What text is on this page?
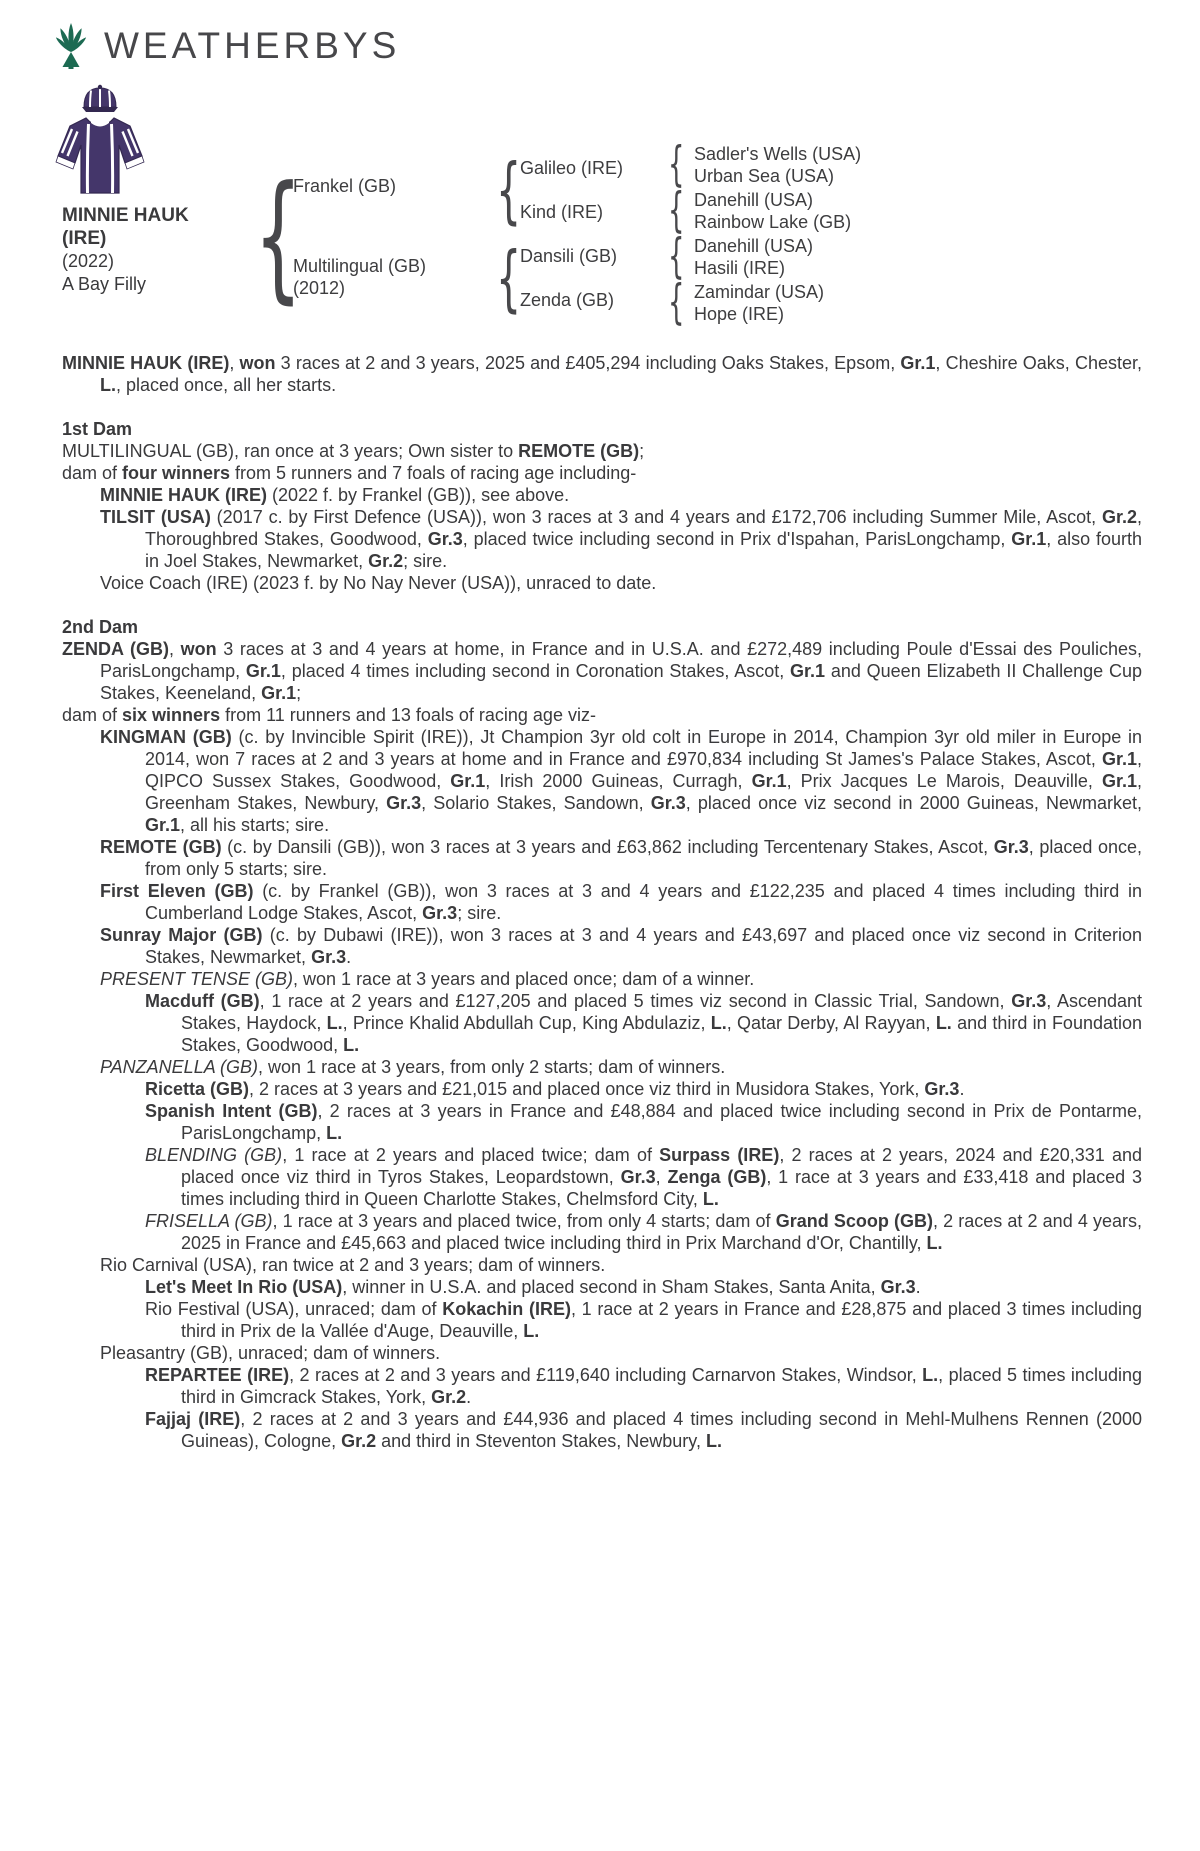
WEATHERBYS
MINNIE HAUK
(IRE)
(2022)
A Bay Filly {	{
{
{
{
{
{
Frankel (GB)
Multilingual (GB)
(2012)
Galileo (IRE)
Kind (IRE)
Dansili (GB)
Zenda (GB)
Sadler's Wells (USA)
Urban Sea (USA)
Danehill (USA)
Rainbow Lake (GB)
Danehill (USA)
Hasili (IRE)
Zamindar (USA)
Hope (IRE)

MINNIE HAUK (IRE), won 3 races at 2 and 3 years, 2025 and £405,294 including Oaks Stakes, Epsom, Gr.1, Cheshire Oaks, Chester, L., placed once, all her starts.

1st Dam

MULTILINGUAL (GB), ran once at 3 years; Own sister to REMOTE (GB);

dam of four winners from 5 runners and 7 foals of racing age including-

MINNIE HAUK (IRE) (2022 f. by Frankel (GB)), see above.

TILSIT (USA) (2017 c. by First Defence (USA)), won 3 races at 3 and 4 years and £172,706 including Summer Mile, Ascot, Gr.2, Thoroughbred Stakes, Goodwood, Gr.3, placed twice including second in Prix d'Ispahan, ParisLongchamp, Gr.1, also fourth in Joel Stakes, Newmarket, Gr.2; sire.

Voice Coach (IRE) (2023 f. by No Nay Never (USA)), unraced to date.

2nd Dam

ZENDA (GB), won 3 races at 3 and 4 years at home, in France and in U.S.A. and £272,489 including Poule d'Essai des Pouliches, ParisLongchamp, Gr.1, placed 4 times including second in Coronation Stakes, Ascot, Gr.1 and Queen Elizabeth II Challenge Cup Stakes, Keeneland, Gr.1;

dam of six winners from 11 runners and 13 foals of racing age viz-

KINGMAN (GB) (c. by Invincible Spirit (IRE)), Jt Champion 3yr old colt in Europe in 2014, Champion 3yr old miler in Europe in 2014, won 7 races at 2 and 3 years at home and in France and £970,834 including St James's Palace Stakes, Ascot, Gr.1, QIPCO Sussex Stakes, Goodwood, Gr.1, Irish 2000 Guineas, Curragh, Gr.1, Prix Jacques Le Marois, Deauville, Gr.1, Greenham Stakes, Newbury, Gr.3, Solario Stakes, Sandown, Gr.3, placed once viz second in 2000 Guineas, Newmarket, Gr.1, all his starts; sire.

REMOTE (GB) (c. by Dansili (GB)), won 3 races at 3 years and £63,862 including Tercentenary Stakes, Ascot, Gr.3, placed once, from only 5 starts; sire.

First Eleven (GB) (c. by Frankel (GB)), won 3 races at 3 and 4 years and £122,235 and placed 4 times including third in Cumberland Lodge Stakes, Ascot, Gr.3; sire.

Sunray Major (GB) (c. by Dubawi (IRE)), won 3 races at 3 and 4 years and £43,697 and placed once viz second in Criterion Stakes, Newmarket, Gr.3.

PRESENT TENSE (GB), won 1 race at 3 years and placed once; dam of a winner.

Macduff (GB), 1 race at 2 years and £127,205 and placed 5 times viz second in Classic Trial, Sandown, Gr.3, Ascendant Stakes, Haydock, L., Prince Khalid Abdullah Cup, King Abdulaziz, L., Qatar Derby, Al Rayyan, L. and third in Foundation Stakes, Goodwood, L.

PANZANELLA (GB), won 1 race at 3 years, from only 2 starts; dam of winners.

Ricetta (GB), 2 races at 3 years and £21,015 and placed once viz third in Musidora Stakes, York, Gr.3.

Spanish Intent (GB), 2 races at 3 years in France and £48,884 and placed twice including second in Prix de Pontarme, ParisLongchamp, L.

BLENDING (GB), 1 race at 2 years and placed twice; dam of Surpass (IRE), 2 races at 2 years, 2024 and £20,331 and placed once viz third in Tyros Stakes, Leopardstown, Gr.3, Zenga (GB), 1 race at 3 years and £33,418 and placed 3 times including third in Queen Charlotte Stakes, Chelmsford City, L.

FRISELLA (GB), 1 race at 3 years and placed twice, from only 4 starts; dam of Grand Scoop (GB), 2 races at 2 and 4 years, 2025 in France and £45,663 and placed twice including third in Prix Marchand d'Or, Chantilly, L.

Rio Carnival (USA), ran twice at 2 and 3 years; dam of winners.

Let's Meet In Rio (USA), winner in U.S.A. and placed second in Sham Stakes, Santa Anita, Gr.3.

Rio Festival (USA), unraced; dam of Kokachin (IRE), 1 race at 2 years in France and £28,875 and placed 3 times including third in Prix de la Vallée d'Auge, Deauville, L.

Pleasantry (GB), unraced; dam of winners.

REPARTEE (IRE), 2 races at 2 and 3 years and £119,640 including Carnarvon Stakes, Windsor, L., placed 5 times including third in Gimcrack Stakes, York, Gr.2.

Fajjaj (IRE), 2 races at 2 and 3 years and £44,936 and placed 4 times including second in Mehl-Mulhens Rennen (2000 Guineas), Cologne, Gr.2 and third in Steventon Stakes, Newbury, L.
